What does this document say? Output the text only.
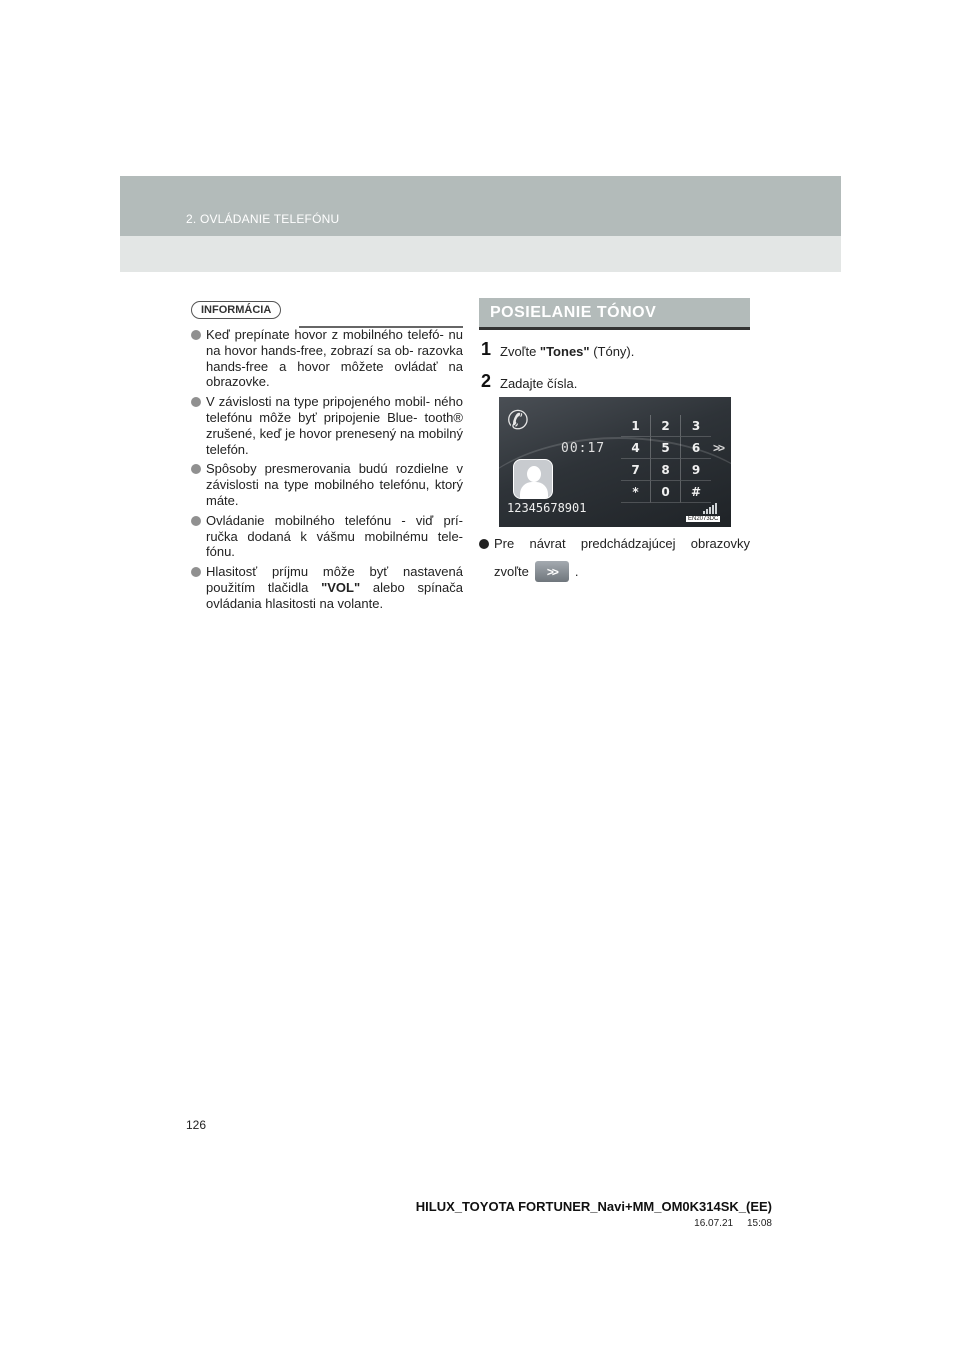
2. OVLÁDANIE TELEFÓNU
INFORMÁCIA
Keď prepínate hovor z mobilného telefó- nu na hovor hands-free, zobrazí sa ob- razovka hands-free a hovor môžete ovládať na obrazovke.
V závislosti na type pripojeného mobil- ného telefónu môže byť pripojenie Blue- tooth® zrušené, keď je hovor prenesený na mobilný telefón.
Spôsoby presmerovania budú rozdielne v závislosti na type mobilného telefónu, ktorý máte.
Ovládanie mobilného telefónu - viď prí- ručka dodaná k vášmu mobilnému tele- fónu.
Hlasitosť príjmu môže byť nastavená použitím tlačidla "VOL" alebo spínača ovládania hlasitosti na volante.
POSIELANIE TÓNOV
1 Zvoľte "Tones" (Tóny).
2 Zadajte čísla.
✆
00:17
12345678901
1	2	3
4	5	6
7	8	9
*	0	#
>>
EN2073DC
Pre návrat predchádzajúcej obrazovky
zvoľte	>>	.
126
HILUX_TOYOTA FORTUNER_Navi+MM_OM0K314SK_(EE)
16.07.21     15:08
